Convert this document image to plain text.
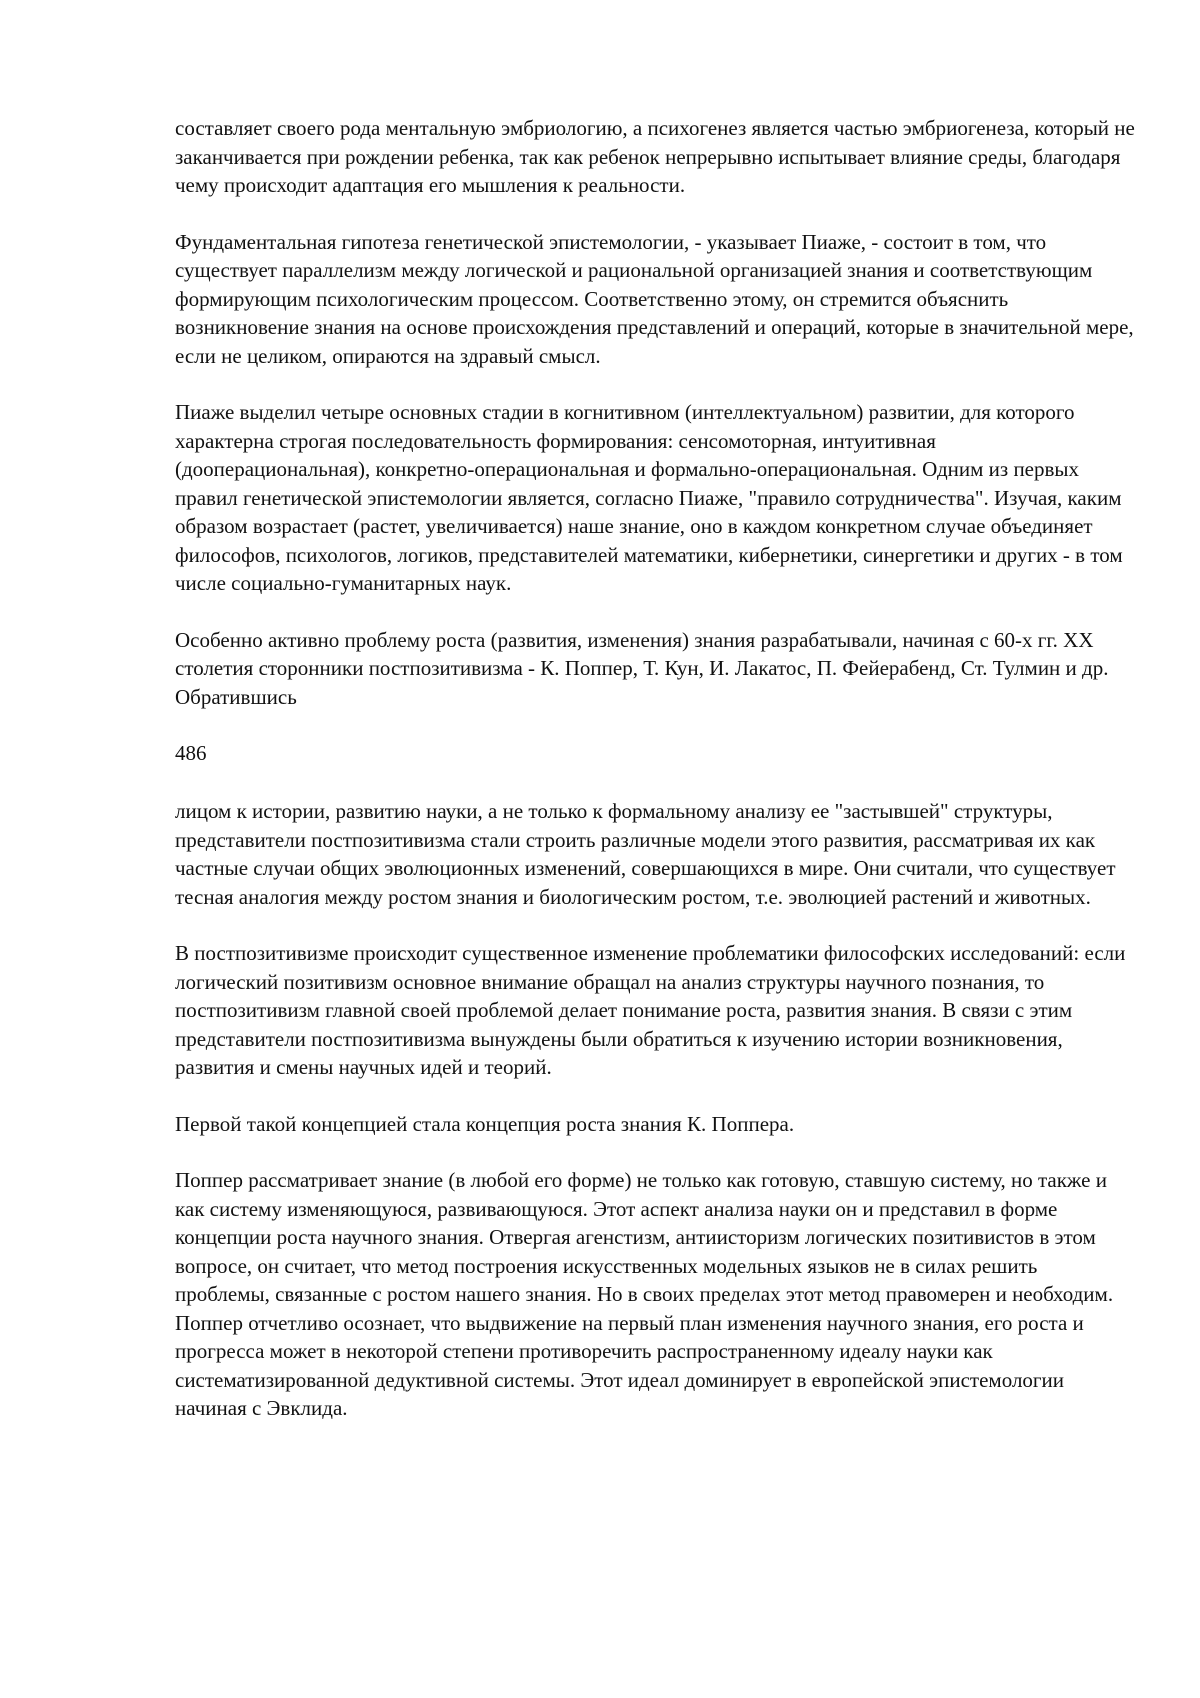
составляет своего рода ментальную эмбриологию, а психогенез является частью эмбриогенеза, который не заканчивается при рождении ребенка, так как ребенок непрерывно испытывает влияние среды, благодаря чему происходит адаптация его мышления к реальности.

Фундаментальная гипотеза генетической эпистемологии, - указывает Пиаже, - состоит в том, что существует параллелизм между логической и рациональной организацией знания и соответствующим формирующим психологическим процессом. Соответственно этому, он стремится объяснить возникновение знания на основе происхождения представлений и операций, которые в значительной мере, если не целиком, опираются на здравый смысл.

Пиаже выделил четыре основных стадии в когнитивном (интеллектуальном) развитии, для которого характерна строгая последовательность формирования: сенсомоторная, интуитивная (дооперациональная), конкретно-операциональная и формально-операциональная. Одним из первых правил генетической эпистемологии является, согласно Пиаже, "правило сотрудничества". Изучая, каким образом возрастает (растет, увеличивается) наше знание, оно в каждом конкретном случае объединяет философов, психологов, логиков, представителей математики, кибернетики, синергетики и других - в том числе социально-гуманитарных наук.

Особенно активно проблему роста (развития, изменения) знания разрабатывали, начиная с 60-х гг. XX столетия сторонники постпозитивизма - К. Поппер, Т. Кун, И. Лакатос, П. Фейерабенд, Ст. Тулмин и др. Обратившись

486

лицом к истории, развитию науки, а не только к формальному анализу ее "застывшей" структуры, представители постпозитивизма стали строить различные модели этого развития, рассматривая их как частные случаи общих эволюционных изменений, совершающихся в мире. Они считали, что существует тесная аналогия между ростом знания и биологическим ростом, т.е. эволюцией растений и животных.

В постпозитивизме происходит существенное изменение проблематики философских исследований: если логический позитивизм основное внимание обращал на анализ структуры научного познания, то постпозитивизм главной своей проблемой делает понимание роста, развития знания. В связи с этим представители постпозитивизма вынуждены были обратиться к изучению истории возникновения, развития и смены научных идей и теорий.

Первой такой концепцией стала концепция роста знания К. Поппера.

Поппер рассматривает знание (в любой его форме) не только как готовую, ставшую систему, но также и как систему изменяющуюся, развивающуюся. Этот аспект анализа науки он и представил в форме концепции роста научного знания. Отвергая агенстизм, антиисторизм логических позитивистов в этом вопросе, он считает, что метод построения искусственных модельных языков не в силах решить проблемы, связанные с ростом нашего знания. Но в своих пределах этот метод правомерен и необходим. Поппер отчетливо осознает, что выдвижение на первый план изменения научного знания, его роста и прогресса может в некоторой степени противоречить распространенному идеалу науки как систематизированной дедуктивной системы. Этот идеал доминирует в европейской эпистемологии начиная с Эвклида.
